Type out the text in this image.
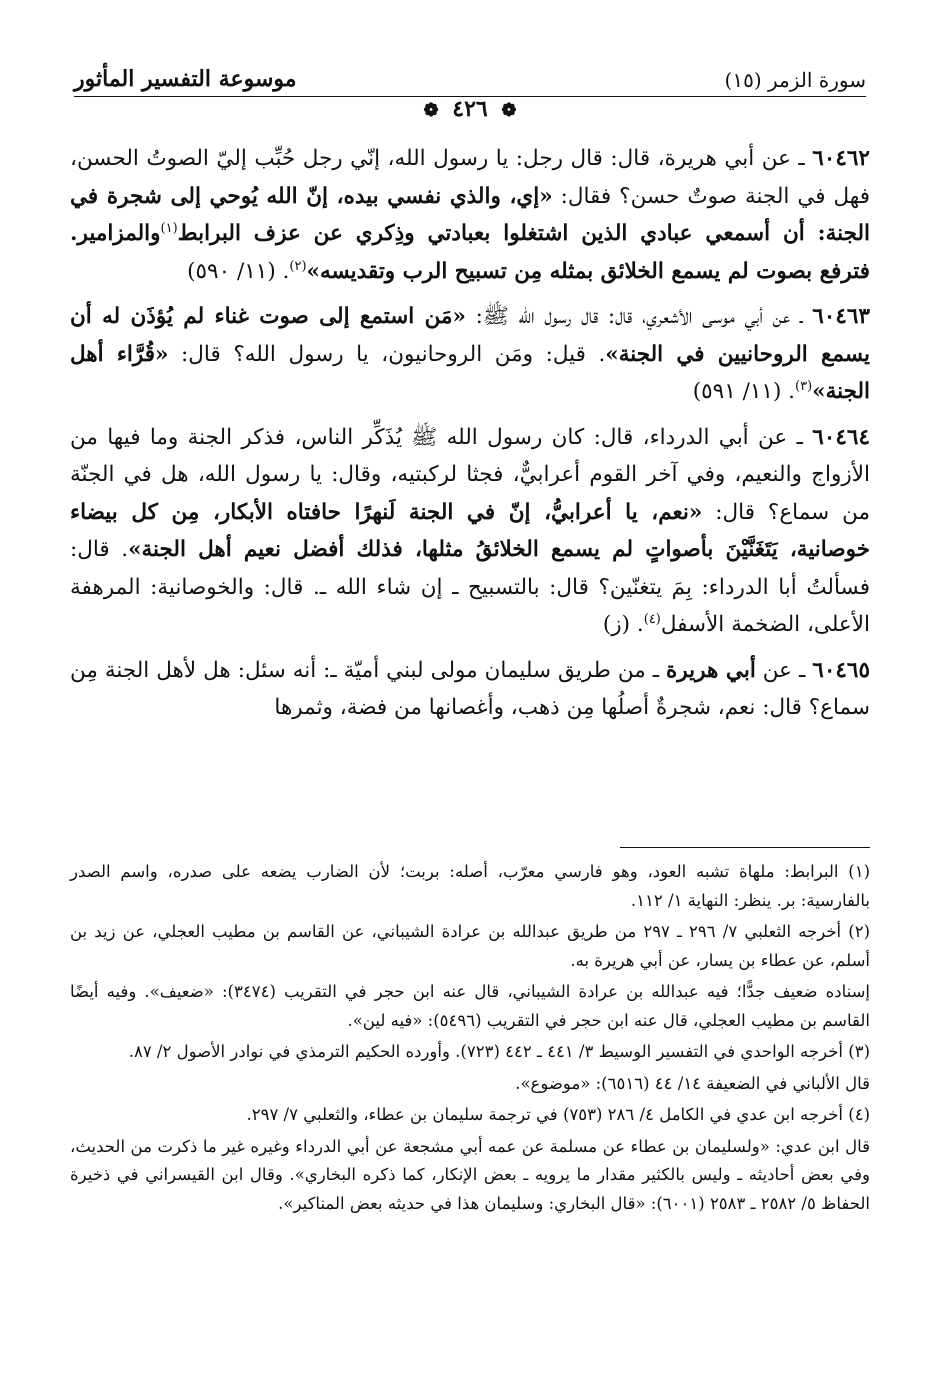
سورة الزمر (١٥)
موسوعة التفسير المأثور
❁ ٤٢٦ ❁

٦٠٤٦٢ ـ عن أبي هريرة، قال: قال رجل: يا رسول الله، إنّي رجل حُبِّب إليّ الصوتُ الحسن، فهل في الجنة صوتٌ حسن؟ فقال: «إي، والذي نفسي بيده، إنّ الله يُوحي إلى شجرة في الجنة: أن أسمعي عبادي الذين اشتغلوا بعبادتي وذِكري عن عزف البرابط$^{(١)}$والمزامير. فترفع بصوت لم يسمع الخلائق بمثله مِن تسبيح الرب وتقديسه»$^{(٢)}$. (١١/ ٥٩٠)

٦٠٤٦٣ ـ عن أبي موسى الأشعري، قال: قال رسول الله ﷺ: «مَن استمع إلى صوت غناء لم يُؤذَن له أن يسمع الروحانيين في الجنة». قيل: ومَن الروحانيون، يا رسول الله؟ قال: «قُرَّاء أهل الجنة»$^{(٣)}$. (١١/ ٥٩١)

٦٠٤٦٤ ـ عن أبي الدرداء، قال: كان رسول الله ﷺ يُذَكِّر الناس، فذكر الجنة وما فيها من الأزواج والنعيم، وفي آخر القوم أعرابيٌّ، فجثا لركبتيه، وقال: يا رسول الله، هل في الجنّة من سماع؟ قال: «نعم، يا أعرابيُّ، إنّ في الجنة لَنهرًا حافتاه الأبكار، مِن كل بيضاء خوصانية، يَتَغَنَّيْنَ بأصواتٍ لم يسمع الخلائقُ مثلها، فذلك أفضل نعيم أهل الجنة». قال: فسألتُ أبا الدرداء: بِمَ يتغنّين؟ قال: بالتسبيح ـ إن شاء الله ـ. قال: والخوصانية: المرهفة الأعلى، الضخمة الأسفل$^{(٤)}$. (ز)

٦٠٤٦٥ ـ عن أبي هريرة ـ من طريق سليمان مولى لبني أميّة ـ: أنه سئل: هل لأهل الجنة مِن سماع؟ قال: نعم، شجرةٌ أصلُها مِن ذهب، وأغصانها من فضة، وثمرها

(١) البرابط: ملهاة تشبه العود، وهو فارسي معرّب، أصله: بربت؛ لأن الضارب يضعه على صدره، واسم الصدر بالفارسية: بر. ينظر: النهاية ١/ ١١٢.

(٢) أخرجه الثعلبي ٧/ ٢٩٦ ـ ٢٩٧ من طريق عبدالله بن عرادة الشيباني، عن القاسم بن مطيب العجلي، عن زيد بن أسلم، عن عطاء بن يسار، عن أبي هريرة به.

إسناده ضعيف جدًّا؛ فيه عبدالله بن عرادة الشيباني، قال عنه ابن حجر في التقريب (٣٤٧٤): «ضعيف». وفيه أيضًا القاسم بن مطيب العجلي، قال عنه ابن حجر في التقريب (٥٤٩٦): «فيه لين».

(٣) أخرجه الواحدي في التفسير الوسيط ٣/ ٤٤١ ـ ٤٤٢ (٧٢٣). وأورده الحكيم الترمذي في نوادر الأصول ٢/ ٨٧.

قال الألباني في الضعيفة ١٤/ ٤٤ (٦٥١٦): «موضوع».

(٤) أخرجه ابن عدي في الكامل ٤/ ٢٨٦ (٧٥٣) في ترجمة سليمان بن عطاء، والثعلبي ٧/ ٢٩٧.

قال ابن عدي: «ولسليمان بن عطاء عن مسلمة عن عمه أبي مشجعة عن أبي الدرداء وغيره غير ما ذكرت من الحديث، وفي بعض أحاديثه ـ وليس بالكثير مقدار ما يرويه ـ بعض الإنكار، كما ذكره البخاري». وقال ابن القيسراني في ذخيرة الحفاظ ٥/ ٢٥٨٢ ـ ٢٥٨٣ (٦٠٠١): «قال البخاري: وسليمان هذا في حديثه بعض المناكير».
